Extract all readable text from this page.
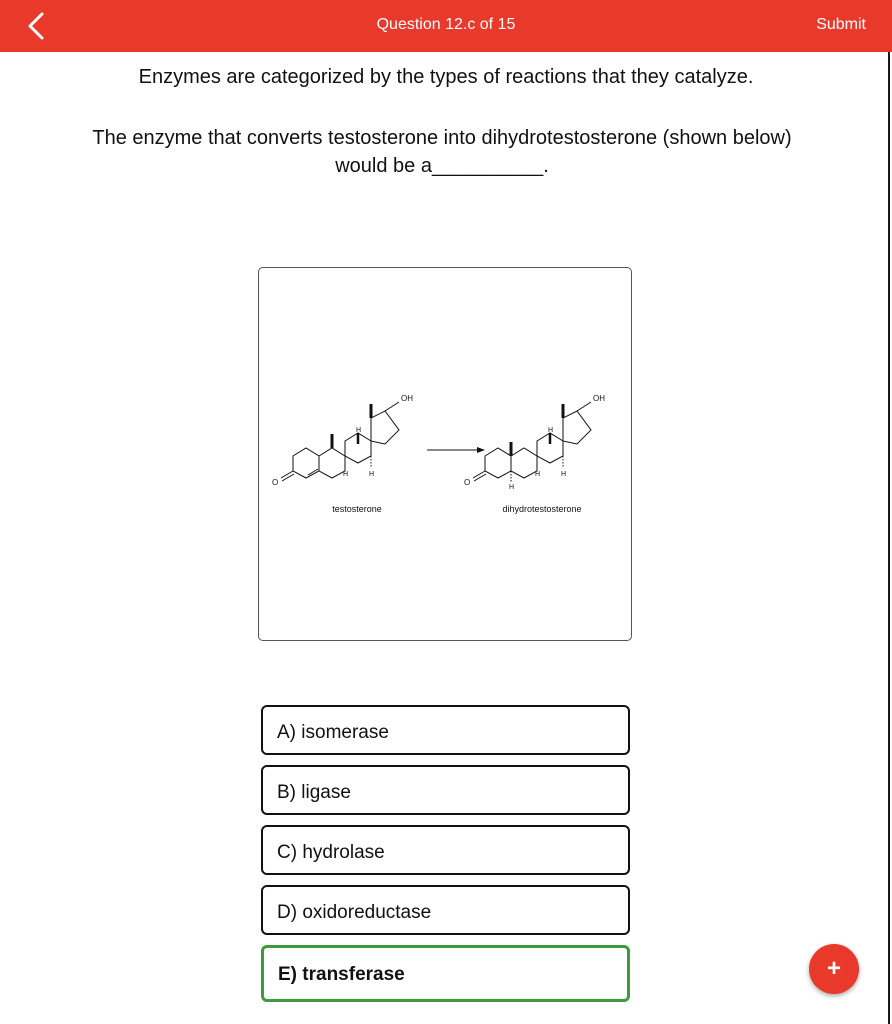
Question 12.c of 15	Submit
Enzymes are categorized by the types of reactions that they catalyze.
The enzyme that converts testosterone into dihydrotestosterone (shown below)
would be a__________.
OH
O
H	H
H
OH
O
H
H	H
H
testosterone	dihydrotestosterone
A) isomerase
B) ligase
C) hydrolase
D) oxidoreductase
E) transferase	+
